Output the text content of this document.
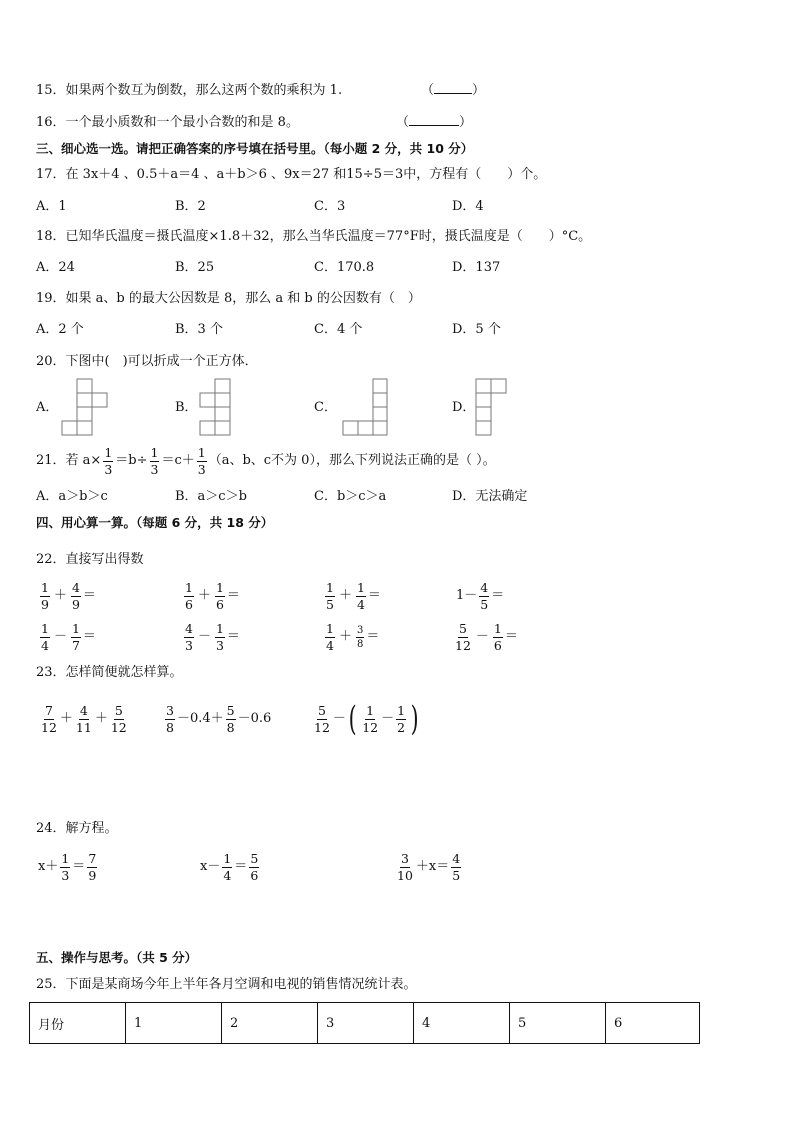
15．如果两个数互为倒数，那么这两个数的乘积为 1.	（	）
16．一个最小质数和一个最小合数的和是 8。	（	）
三、细心选一选。请把正确答案的序号填在括号里。（每小题 2 分，共 10 分）
17．在 3x＋4 、0.5＋a＝4 、a＋b＞6 、9x＝27 和15÷5＝3中，方程有（　　）个。
A．1	B．2	C．3	D．4
18．已知华氏温度＝摄氏温度×1.8＋32，那么当华氏温度＝77°F时，摄氏温度是（　　）°C。
A．24	B．25	C．170.8	D．137
19．如果 a、b 的最大公因数是 8，那么 a 和 b 的公因数有（　）
A．2 个	B．3 个	C．4 个	D．5 个
20．下图中(　)可以折成一个正方体．
A．	B．	C．	D．
21．若 $a\times \frac{1}{3} =b\div \frac{1}{3} =c+ \frac{1}{3} (a$、b、c不为 0），那么下列说法正确的是（ ）。
A．a＞b＞c	B．a＞c＞b	C．b＞c＞a	D．无法确定
四、用心算一算。（每题 6 分，共 18 分）
22．直接写出得数
$\frac{1}{9} + \frac{4}{9}$ ＝	$\frac{1}{6} + \frac{1}{6}$ ＝	$\frac{1}{5} + \frac{1}{4}$ ＝	$1- \frac{4}{5}$ ＝
$\frac{1}{4} - \frac{1}{7}$ ＝	$\frac{4}{3} - \frac{1}{3}$ ＝	$\frac{1}{4} + \frac{3}{8}$ ＝	$\frac{5}{12} - \frac{1}{6}$ ＝
23．怎样简便就怎样算。
$\frac{7}{12} + \frac{4}{11} + \frac{5}{12}$	$\frac{3}{8} -0.4+ \frac{5}{8} -0.6$	$\frac{5}{12}$ － ( $\frac{1}{12} - \frac{1}{2}$ )
24．解方程。
$x+ \frac{1}{3} = \frac{7}{9}$	$x- \frac{1}{4} = \frac{5}{6}$	$\frac{3}{10} +x= \frac{4}{5}$
五、操作与思考。（共 5 分）
25．下面是某商场今年上半年各月空调和电视的销售情况统计表。
月份	1	2	3	4	5	6
